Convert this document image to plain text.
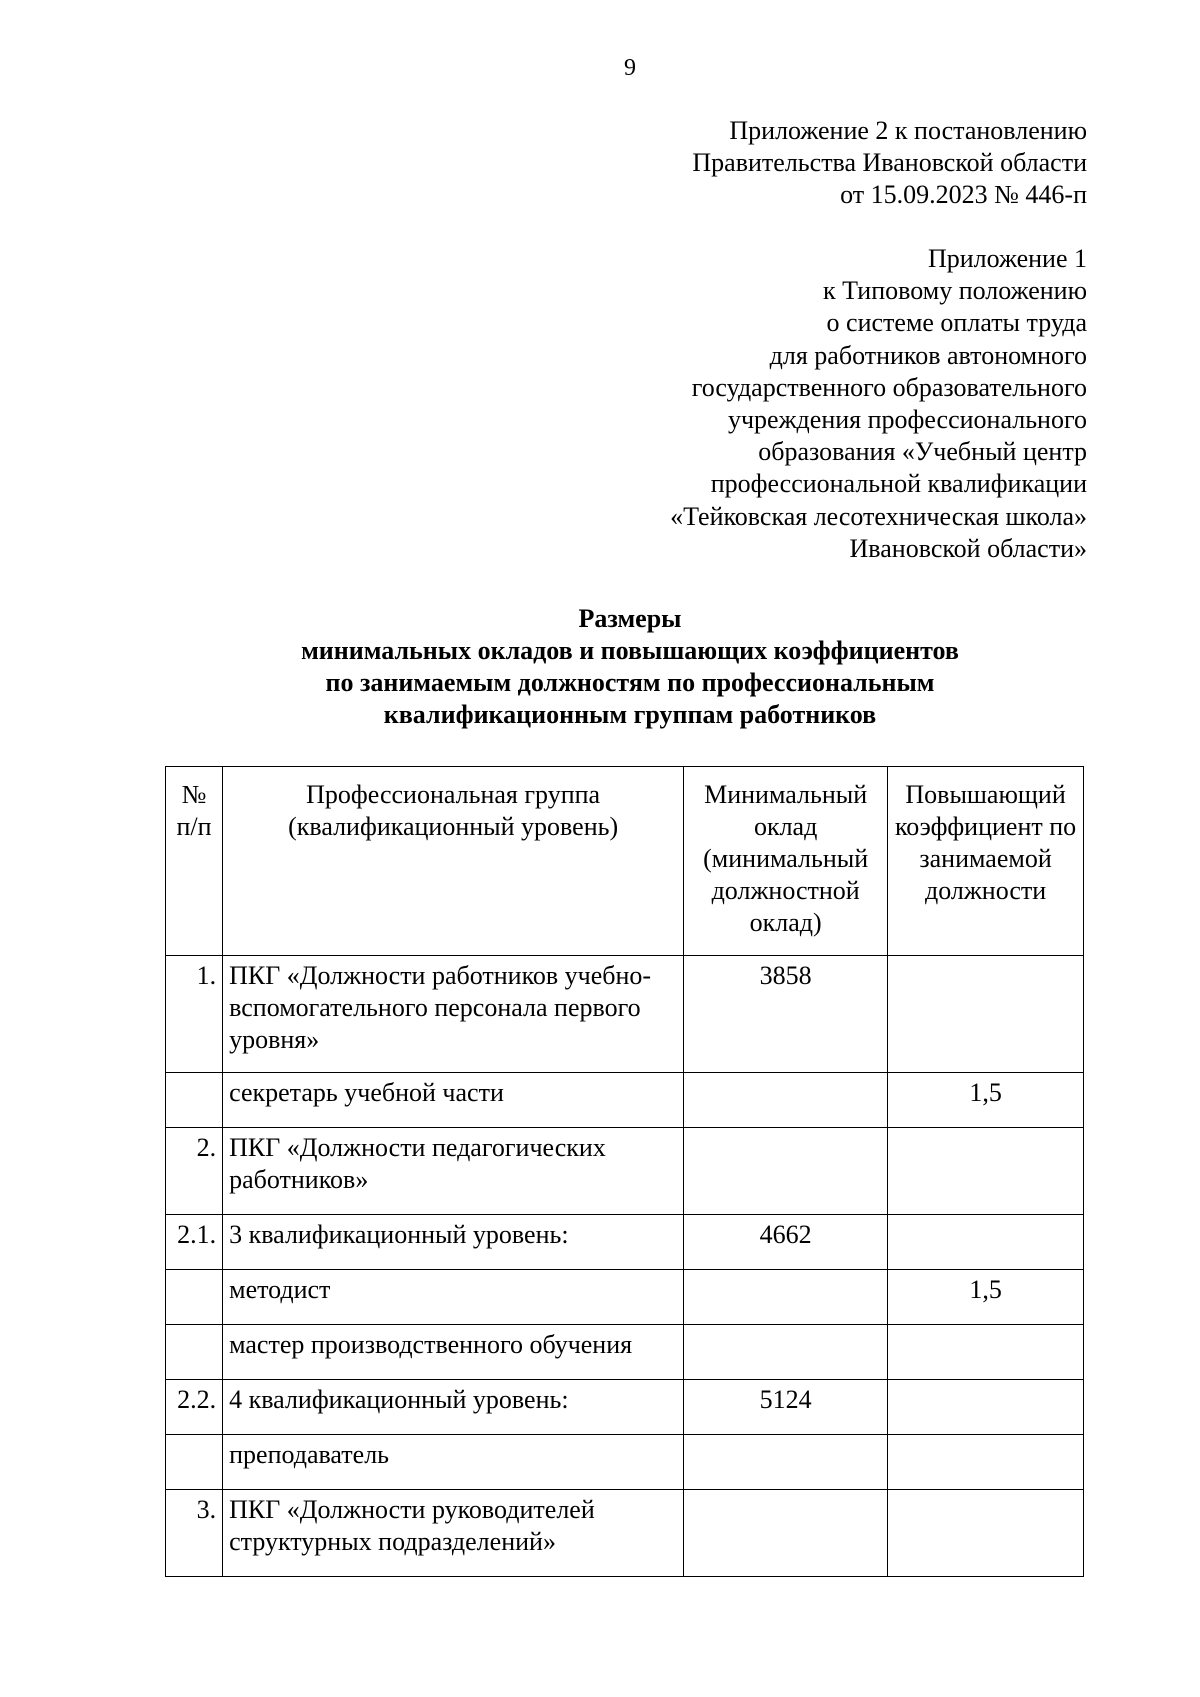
9
Приложение 2 к постановлению
Правительства Ивановской области
от 15.09.2023 № 446-п
Приложение 1
к Типовому положению
о системе оплаты труда
для работников автономного
государственного образовательного
учреждения профессионального
образования «Учебный центр
профессиональной квалификации
«Тейковская лесотехническая школа»
Ивановской области»
Размеры
минимальных окладов и повышающих коэффициентов
по занимаемым должностям по профессиональным
квалификационным группам работников
№ п/п	Профессиональная группа (квалификационный уровень)	Минимальный оклад (минимальный должностной оклад)	Повышающий коэффициент по занимаемой должности
1.	ПКГ «Должности работников учебно-вспомогательного персонала первого уровня»	3858	
	секретарь учебной части		1,5
2.	ПКГ «Должности педагогических работников»		
2.1.	3 квалификационный уровень:	4662	
	методист		1,5
	мастер производственного обучения		
2.2.	4 квалификационный уровень:	5124	
	преподаватель		
3.	ПКГ «Должности руководителей структурных подразделений»		
